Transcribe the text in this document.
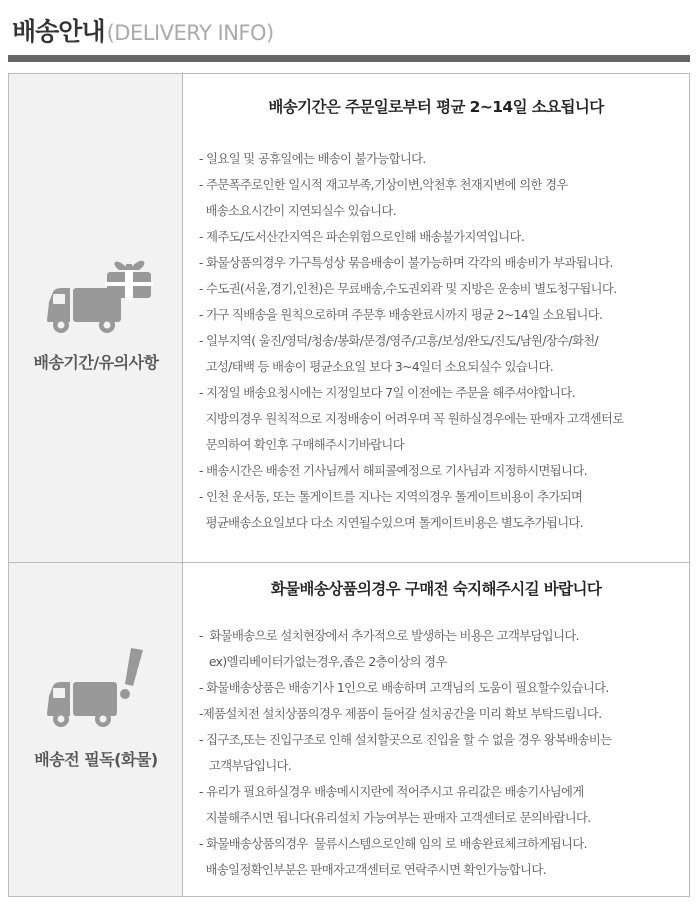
배송안내 (DELIVERY INFO)
배송기간/유의사항
배송기간은 주문일로부터 평균 2~14일 소요됩니다
- 일요일 및 공휴일에는 배송이 불가능합니다.
- 주문폭주로인한 일시적 재고부족,기상이변,악천후 천재지변에 의한 경우
배송소요시간이 지연되실수 있습니다.
- 제주도/도서산간지역은 파손위험으로인해 배송불가지역입니다.
- 화물상품의경우 가구특성상 묶음배송이 불가능하며 각각의 배송비가 부과됩니다.
- 수도권(서울,경기,인천)은 무료배송,수도권외곽 및 지방은 운송비 별도청구됩니다.
- 가구 직배송을 원칙으로하며 주문후 배송완료시까지 평균 2~14일 소요됩니다.
- 일부지역( 울진/영덕/청송/봉화/문경/영주/고흥/보성/완도/진도/남원/장수/화천/
고성/태백 등 배송이 평균소요일 보다 3~4일더 소요되실수 있습니다.
- 지정일 배송요청시에는 지정일보다 7일 이전에는 주문을 해주셔야합니다.
지방의경우 원칙적으로 지정배송이 어려우며 꼭 원하실경우에는 판매자 고객센터로
문의하여 확인후 구매해주시기바랍니다
- 배송시간은 배송전 기사님께서 해피콜예정으로 기사님과 지정하시면됩니다.
- 인천 운서동, 또는 톨게이트를 지나는 지역의경우 톨게이트비용이 추가되며
평균배송소요일보다 다소 지연될수있으며 톨게이트비용은 별도추가됩니다.
배송전 필독(화물)
화물배송상품의경우 구매전 숙지해주시길 바랍니다
-  화물배송으로 설치현장에서 추가적으로 발생하는 비용은 고객부담입니다.
ex)엘리베이터가없는경우,좁은 2층이상의 경우
- 화물배송상품은 배송기사 1인으로 배송하며 고객님의 도움이 필요할수있습니다.
-제품설치전 설치상품의경우 제품이 들어갈 설치공간을 미리 확보 부탁드립니다.
- 집구조,또는 진입구조로 인해 설치할곳으로 진입을 할 수 없을 경우 왕복배송비는
고객부담입니다.
- 유리가 필요하실경우 배송메시지란에 적어주시고 유리값은 배송기사님에게
지불해주시면 됩니다(유리설치 가능여부는 판매자 고객센터로 문의바랍니다.
- 화물배송상품의경우  물류시스템으로인해 임의 로 배송완료체크하게됩니다.
배송일정확인부분은 판매자고객센터로 연락주시면 확인가능합니다.
